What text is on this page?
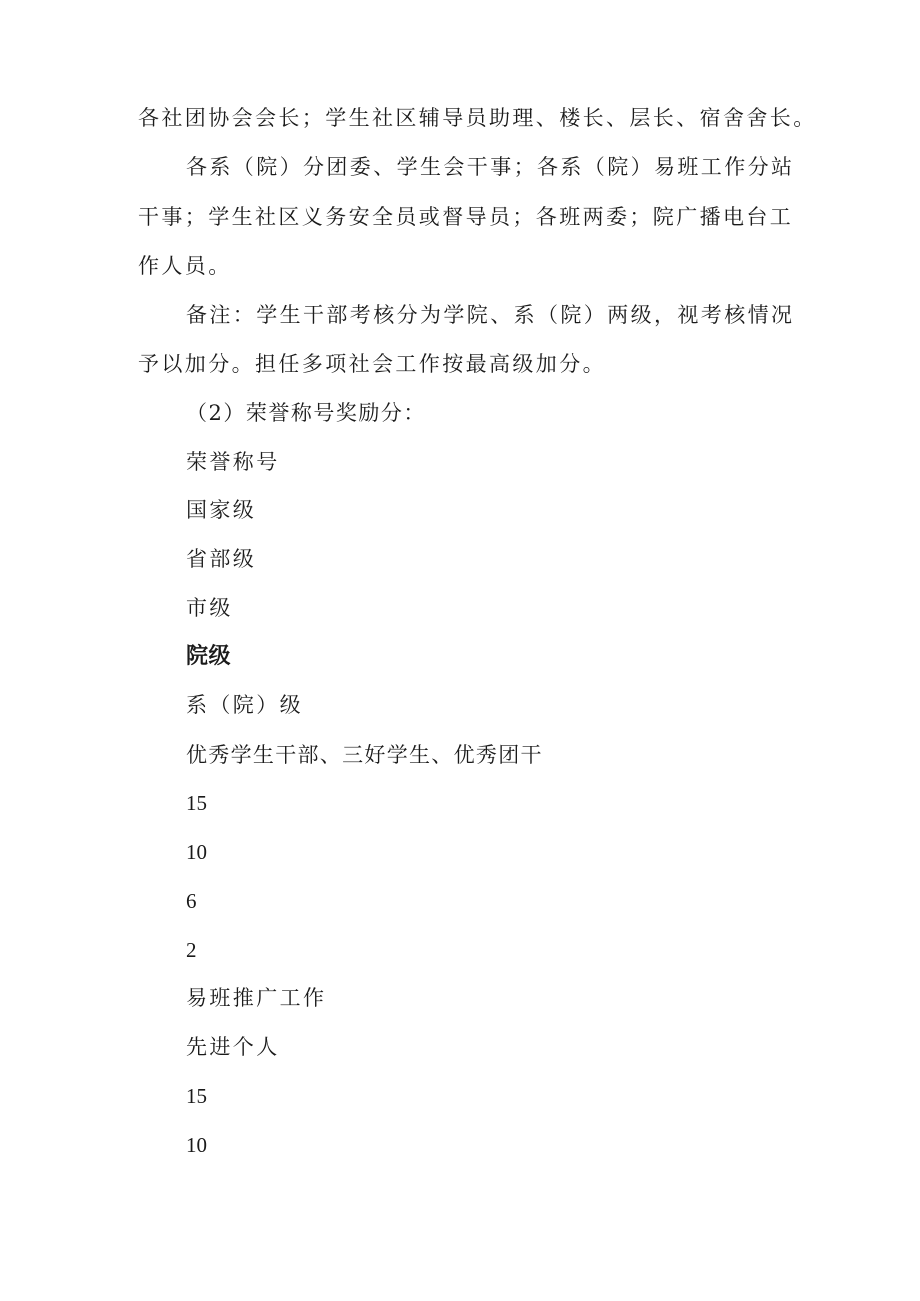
各社团协会会长；学生社区辅导员助理、楼长、层长、宿舍舍长。
各系（院）分团委、学生会干事；各系（院）易班工作分站
干事；学生社区义务安全员或督导员；各班两委；院广播电台工
作人员。
备注：学生干部考核分为学院、系（院）两级，视考核情况
予以加分。担任多项社会工作按最高级加分。
（2）荣誉称号奖励分：
荣誉称号
国家级
省部级
市级
院级
系（院）级
优秀学生干部、三好学生、优秀团干
15
10
6
2
易班推广工作
先进个人
15
10
